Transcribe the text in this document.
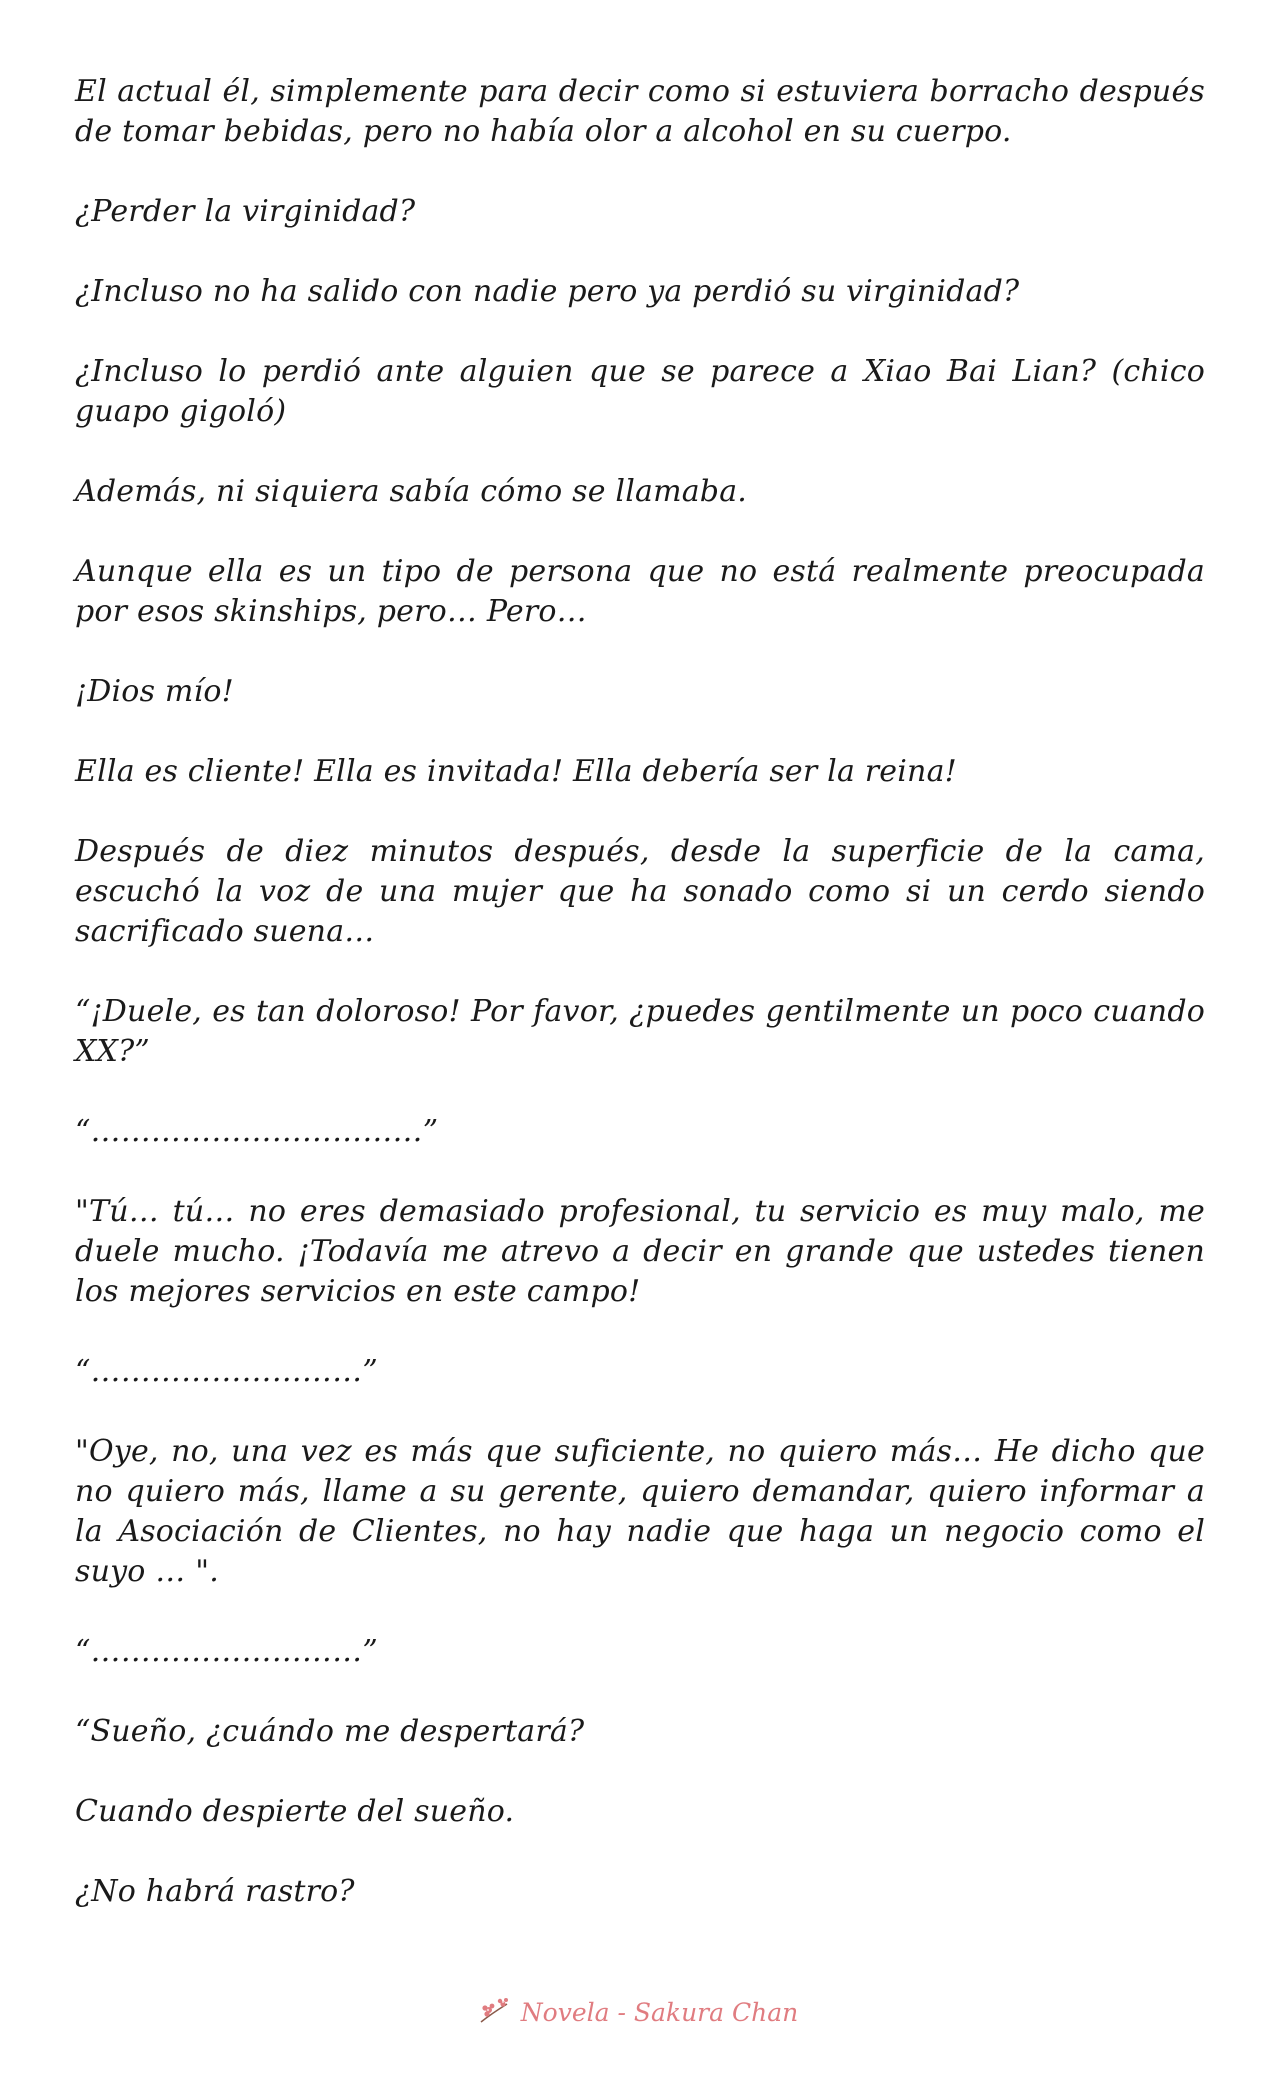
El actual él, simplemente para decir como si estuviera borracho después de tomar bebidas, pero no había olor a alcohol en su cuerpo.

¿Perder la virginidad?

¿Incluso no ha salido con nadie pero ya perdió su virginidad?

¿Incluso lo perdió ante alguien que se parece a Xiao Bai Lian? (chico guapo gigoló)

Además, ni siquiera sabía cómo se llamaba.

Aunque ella es un tipo de persona que no está realmente preocupada por esos skinships, pero… Pero…

¡Dios mío!

Ella es cliente! Ella es invitada! Ella debería ser la reina!

Después de diez minutos después, desde la superficie de la cama, escuchó la voz de una mujer que ha sonado como si un cerdo siendo sacrificado suena…

“¡Duele, es tan doloroso! Por favor, ¿puedes gentilmente un poco cuando XX?”

“……………………………”

"Tú… tú… no eres demasiado profesional, tu servicio es muy malo, me duele mucho. ¡Todavía me atrevo a decir en grande que ustedes tienen los mejores servicios en este campo!

“………………………”

"Oye, no, una vez es más que suficiente, no quiero más… He dicho que no quiero más, llame a su gerente, quiero demandar, quiero informar a la Asociación de Clientes, no hay nadie que haga un negocio como el suyo … ".

“………………………”

“Sueño, ¿cuándo me despertará?

Cuando despierte del sueño.

¿No habrá rastro?

Novela - Sakura Chan
